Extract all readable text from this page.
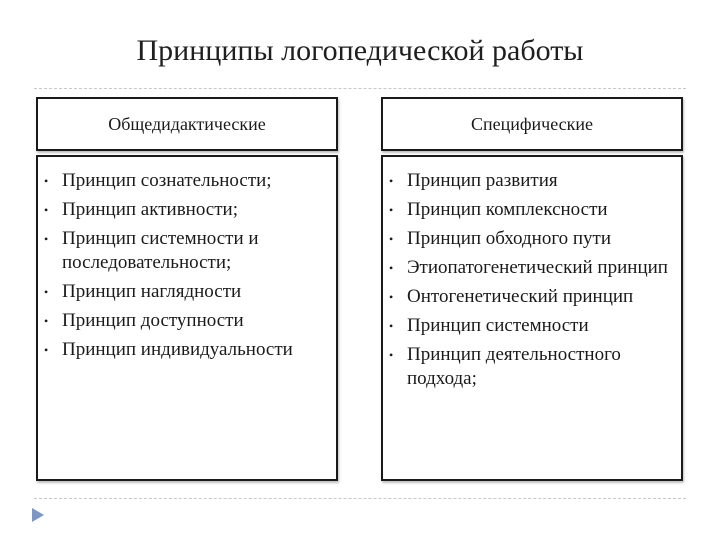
Принципы логопедической работы
Общедидактические
• Принцип сознательности;
• Принцип активности;
• Принцип системности и последовательности;
• Принцип наглядности
• Принцип доступности
• Принцип индивидуальности
Специфические
• Принцип развития
• Принцип комплексности
• Принцип обходного пути
• Этиопатогенетический принцип
• Онтогенетический принцип
• Принцип системности
• Принцип деятельностного подхода;
